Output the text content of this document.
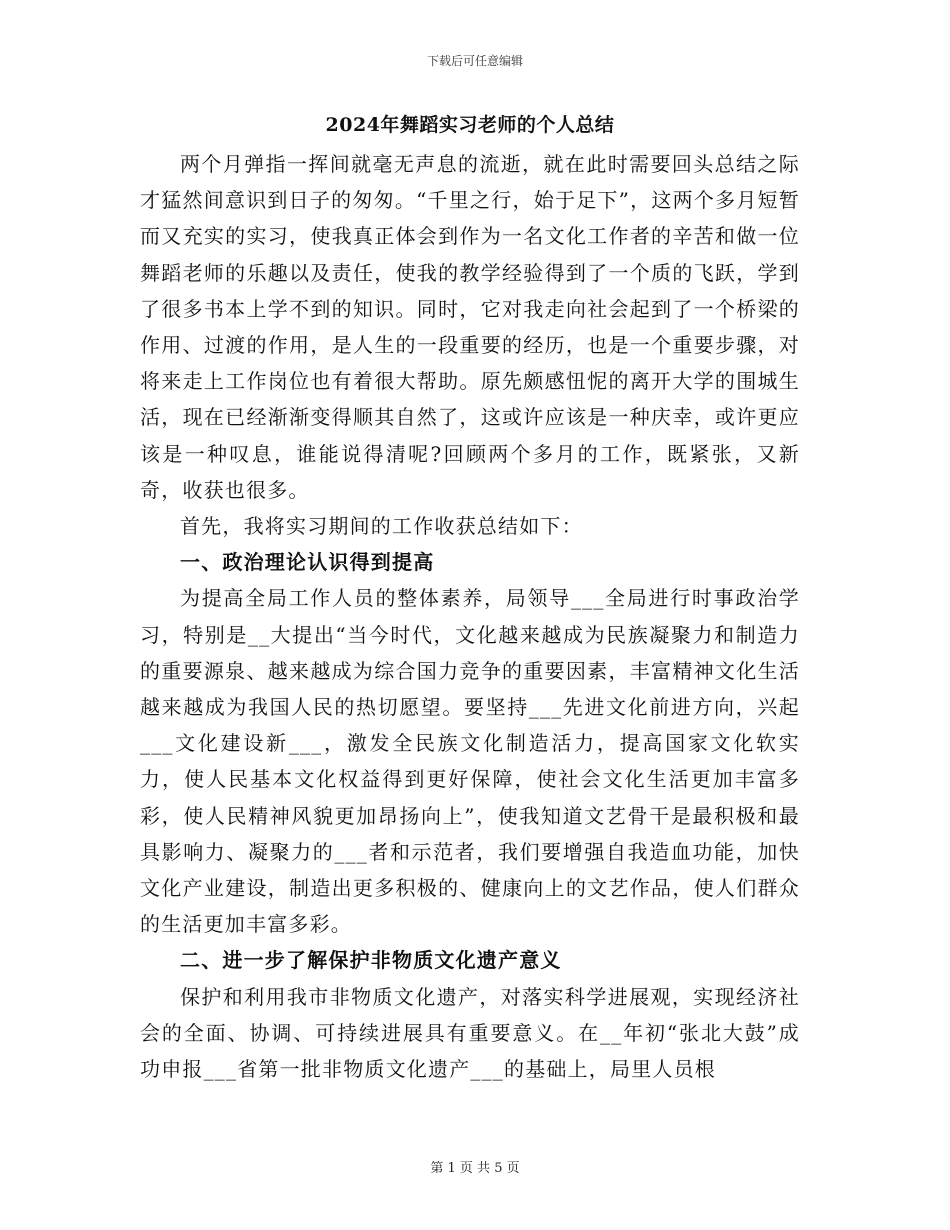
下载后可任意编辑
2024年舞蹈实习老师的个人总结

两个月弹指一挥间就毫无声息的流逝，就在此时需要回头总结之际才猛然间意识到日子的匆匆。“千里之行，始于足下”，这两个多月短暂而又充实的实习，使我真正体会到作为一名文化工作者的辛苦和做一位舞蹈老师的乐趣以及责任，使我的教学经验得到了一个质的飞跃，学到了很多书本上学不到的知识。同时，它对我走向社会起到了一个桥梁的作用、过渡的作用，是人生的一段重要的经历，也是一个重要步骤，对将来走上工作岗位也有着很大帮助。原先颇感忸怩的离开大学的围城生活，现在已经渐渐变得顺其自然了，这或许应该是一种庆幸，或许更应该是一种叹息，谁能说得清呢?回顾两个多月的工作，既紧张，又新奇，收获也很多。

首先，我将实习期间的工作收获总结如下：

一、政治理论认识得到提高

为提高全局工作人员的整体素养，局领导___全局进行时事政治学习，特别是__大提出“当今时代，文化越来越成为民族凝聚力和制造力的重要源泉、越来越成为综合国力竞争的重要因素，丰富精神文化生活越来越成为我国人民的热切愿望。要坚持___先进文化前进方向，兴起___文化建设新___，激发全民族文化制造活力，提高国家文化软实力，使人民基本文化权益得到更好保障，使社会文化生活更加丰富多彩，使人民精神风貌更加昂扬向上”，使我知道文艺骨干是最积极和最具影响力、凝聚力的___者和示范者，我们要增强自我造血功能，加快文化产业建设，制造出更多积极的、健康向上的文艺作品，使人们群众的生活更加丰富多彩。

二、进一步了解保护非物质文化遗产意义

保护和利用我市非物质文化遗产，对落实科学进展观，实现经济社会的全面、协调、可持续进展具有重要意义。在__年初“张北大鼓”成功申报___省第一批非物质文化遗产___的基础上，局里人员根

第 1 页 共 5 页
